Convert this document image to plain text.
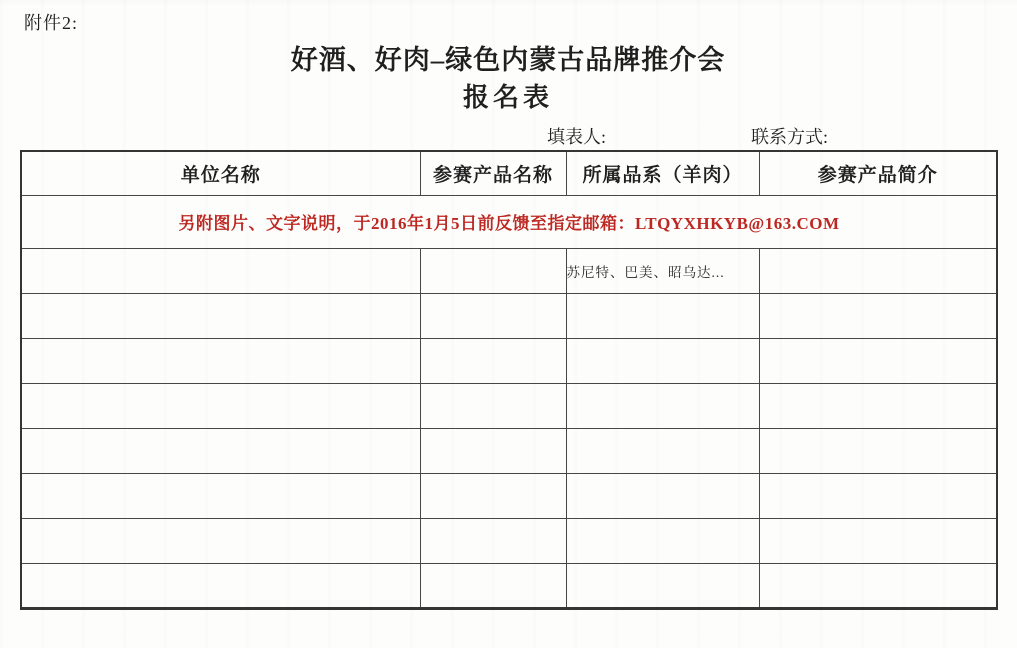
附件2:
好酒、好肉–绿色内蒙古品牌推介会
报名表
填表人:	联系方式:
单位名称	参赛产品名称	所属品系（羊肉）	参赛产品简介
另附图片、文字说明，于2016年1月5日前反馈至指定邮箱：LTQYXHKYB@163.COM			
		苏尼特、巴美、昭乌达...	
